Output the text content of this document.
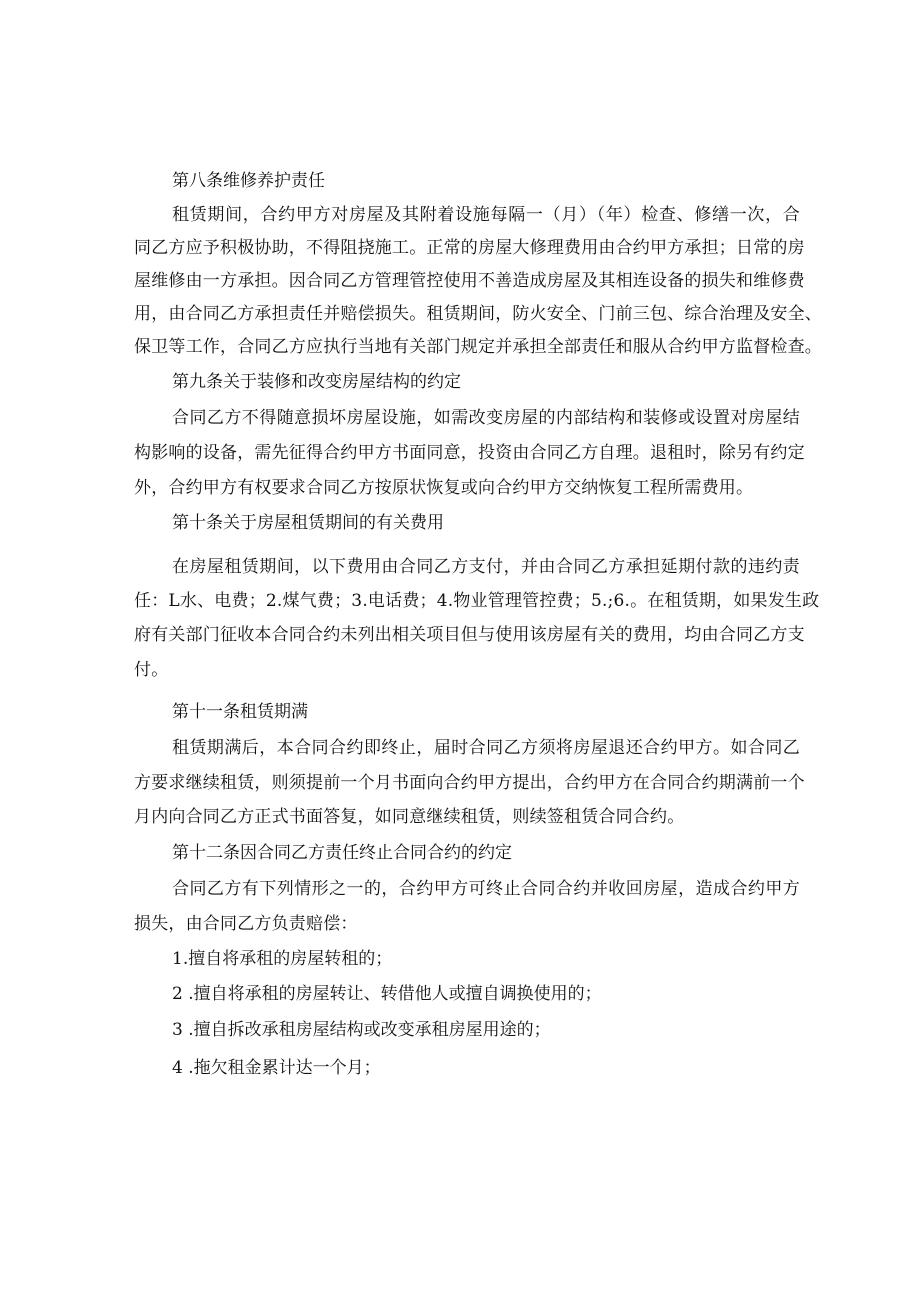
第八条维修养护责任
租赁期间，合约甲方对房屋及其附着设施每隔一（月）（年）检查、修缮一次，合
同乙方应予积极协助，不得阻挠施工。正常的房屋大修理费用由合约甲方承担；日常的房
屋维修由一方承担。因合同乙方管理管控使用不善造成房屋及其相连设备的损失和维修费
用，由合同乙方承担责任并赔偿损失。租赁期间，防火安全、门前三包、综合治理及安全、
保卫等工作，合同乙方应执行当地有关部门规定并承担全部责任和服从合约甲方监督检查。
第九条关于装修和改变房屋结构的约定
合同乙方不得随意损坏房屋设施，如需改变房屋的内部结构和装修或设置对房屋结
构影响的设备，需先征得合约甲方书面同意，投资由合同乙方自理。退租时，除另有约定
外，合约甲方有权要求合同乙方按原状恢复或向合约甲方交纳恢复工程所需费用。
第十条关于房屋租赁期间的有关费用
在房屋租赁期间，以下费用由合同乙方支付，并由合同乙方承担延期付款的违约责
任：L水、电费；2.煤气费；3.电话费；4.物业管理管控费；5.;6.。在租赁期，如果发生政
府有关部门征收本合同合约未列出相关项目但与使用该房屋有关的费用，均由合同乙方支
付。
第十一条租赁期满
租赁期满后，本合同合约即终止，届时合同乙方须将房屋退还合约甲方。如合同乙
方要求继续租赁，则须提前一个月书面向合约甲方提出，合约甲方在合同合约期满前一个
月内向合同乙方正式书面答复，如同意继续租赁，则续签租赁合同合约。
第十二条因合同乙方责任终止合同合约的约定
合同乙方有下列情形之一的，合约甲方可终止合同合约并收回房屋，造成合约甲方
损失，由合同乙方负责赔偿：
1.擅自将承租的房屋转租的；
2 .擅自将承租的房屋转让、转借他人或擅自调换使用的；
3 .擅自拆改承租房屋结构或改变承租房屋用途的；
4 .拖欠租金累计达一个月；
